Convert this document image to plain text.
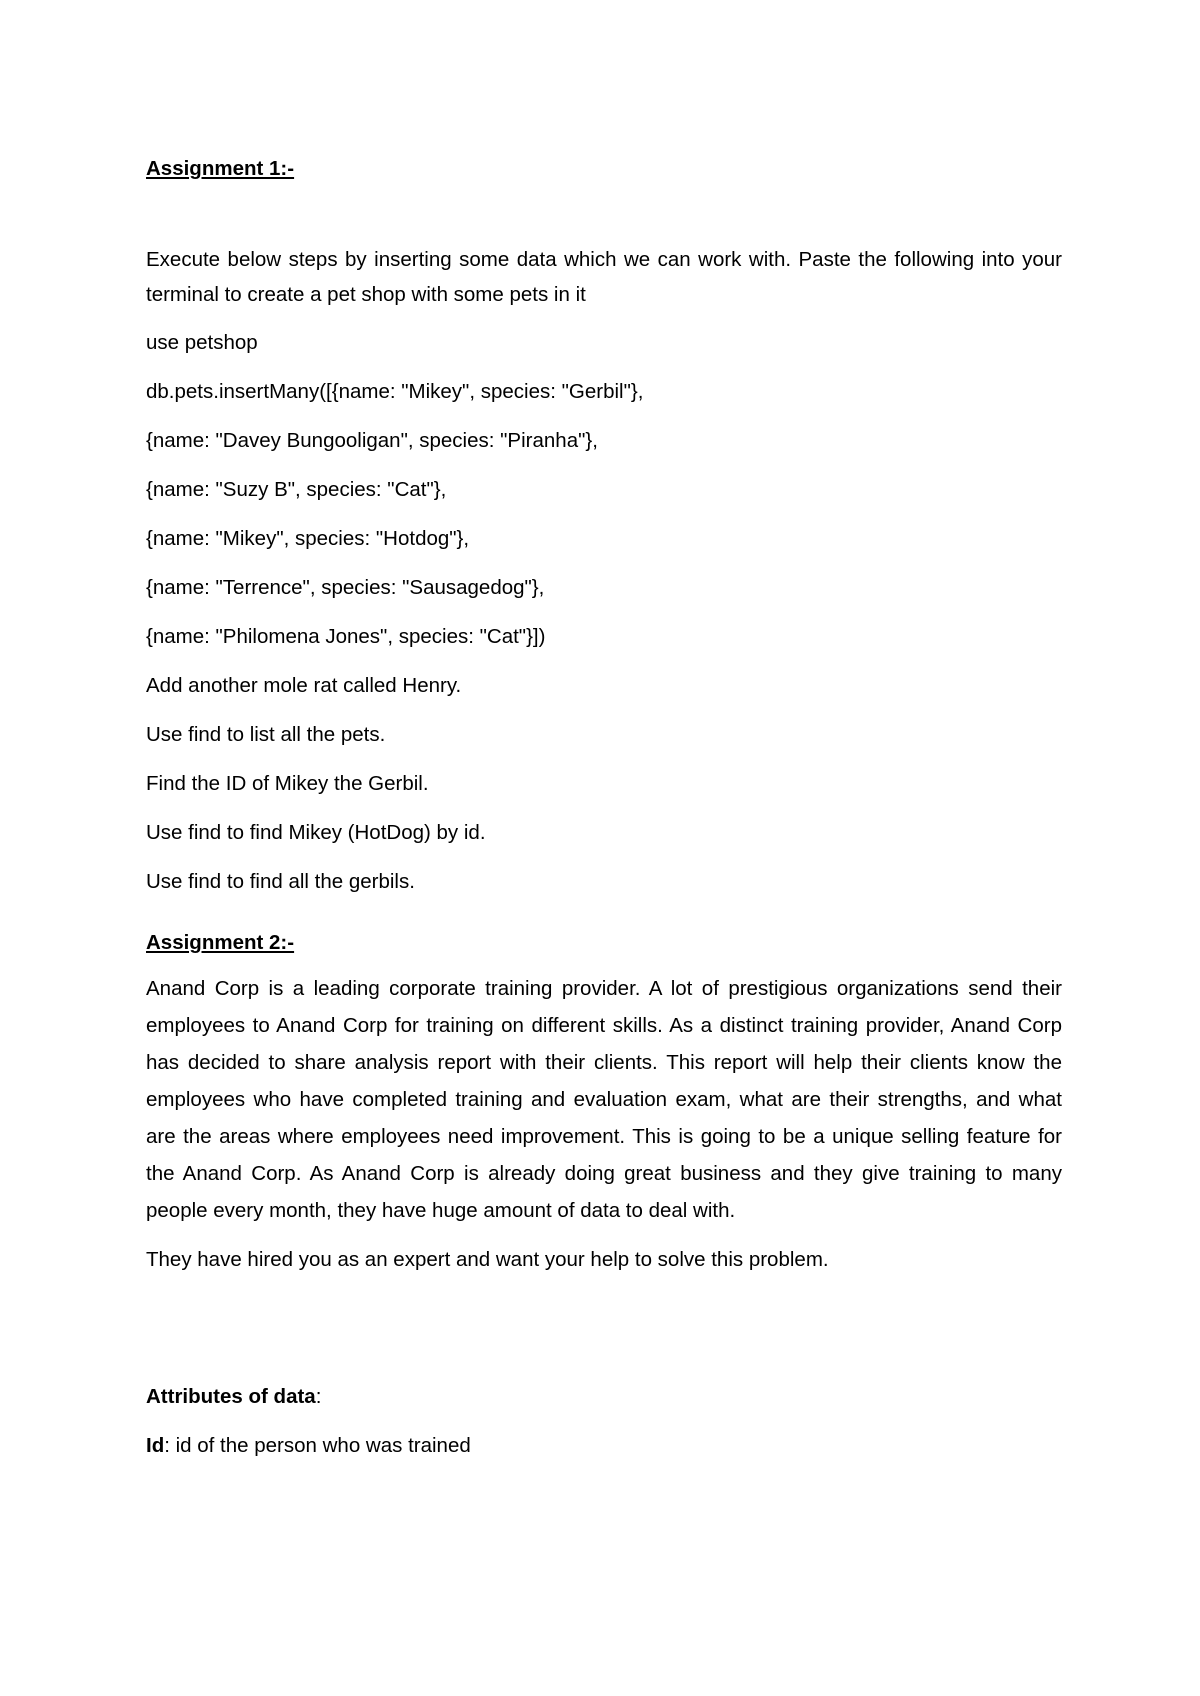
Assignment 1:-

Execute below steps by inserting some data which we can work with. Paste the following into your terminal to create a pet shop with some pets in it

use petshop

db.pets.insertMany([{name: "Mikey", species: "Gerbil"},

{name: "Davey Bungooligan", species: "Piranha"},

{name: "Suzy B", species: "Cat"},

{name: "Mikey", species: "Hotdog"},

{name: "Terrence", species: "Sausagedog"},

{name: "Philomena Jones", species: "Cat"}])

Add another mole rat called Henry.

Use find to list all the pets.

Find the ID of Mikey the Gerbil.

Use find to find Mikey (HotDog) by id.

Use find to find all the gerbils.

Assignment 2:-

Anand Corp is a leading corporate training provider. A lot of prestigious organizations send their employees to Anand Corp for training on different skills. As a distinct training provider, Anand Corp has decided to share analysis report with their clients. This report will help their clients know the employees who have completed training and evaluation exam, what are their strengths, and what are the areas where employees need improvement. This is going to be a unique selling feature for the Anand Corp. As Anand Corp is already doing great business and they give training to many people every month, they have huge amount of data to deal with.

They have hired you as an expert and want your help to solve this problem.

Attributes of data:

Id: id of the person who was trained
